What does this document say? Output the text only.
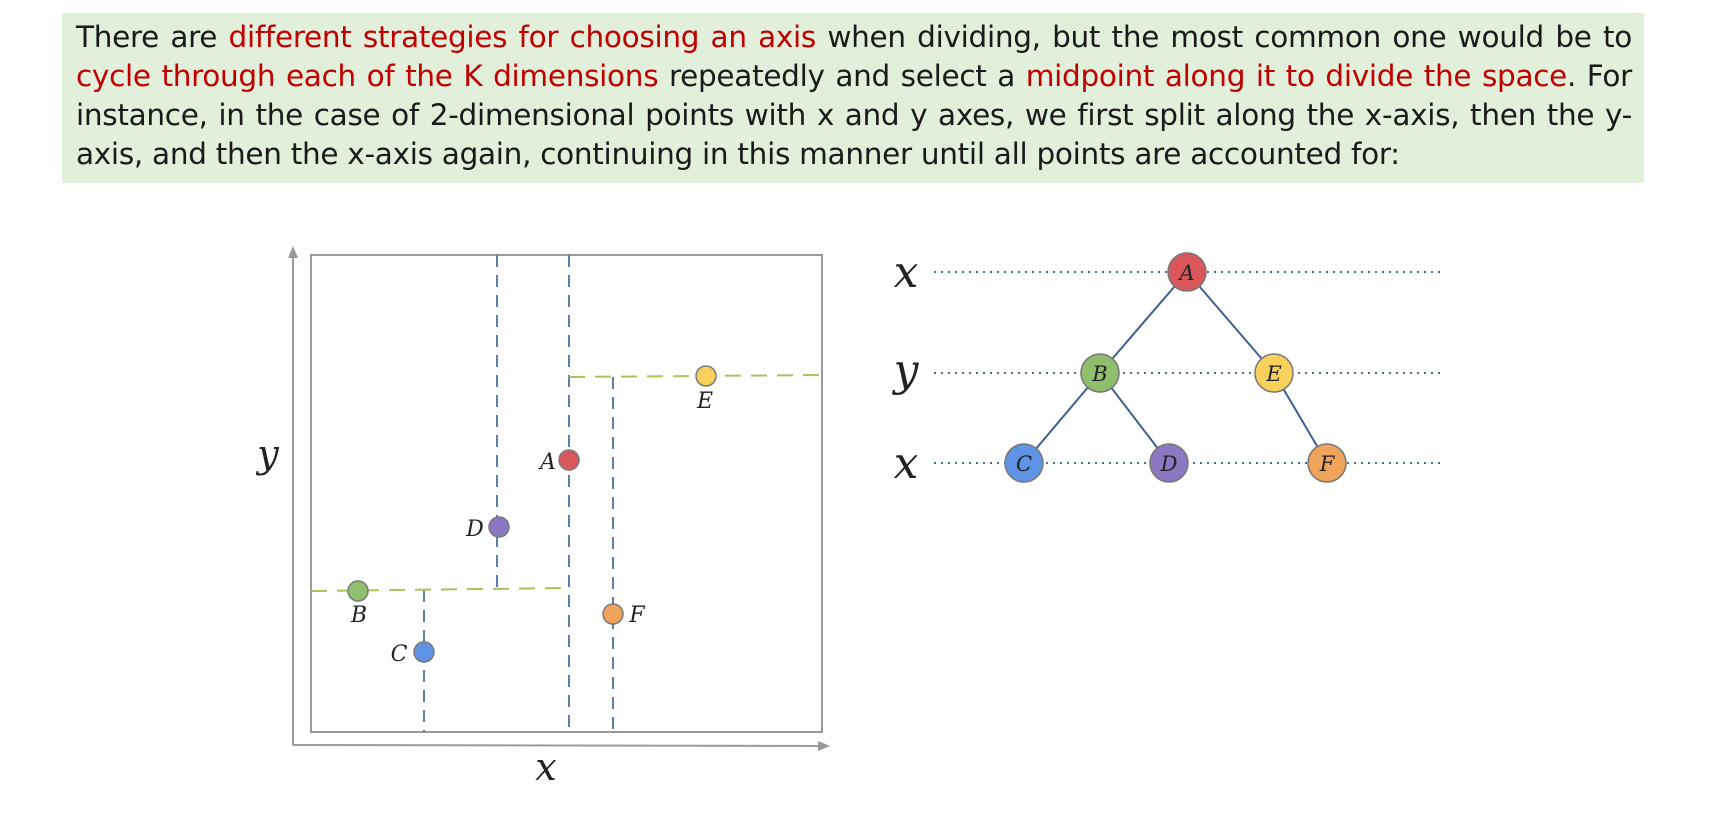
There are different strategies for choosing an axis when dividing, but the most common one would be to cycle through each of the K dimensions repeatedly and select a midpoint along it to divide the space. For instance, in the case of 2-dimensional points with x and y axes, we first split along the x-axis, then the y-axis, and then the x-axis again, continuing in this manner until all points are accounted for:
x
y	A
B
C
D
E
F
x
y
x
A
B	E
C	D	F
